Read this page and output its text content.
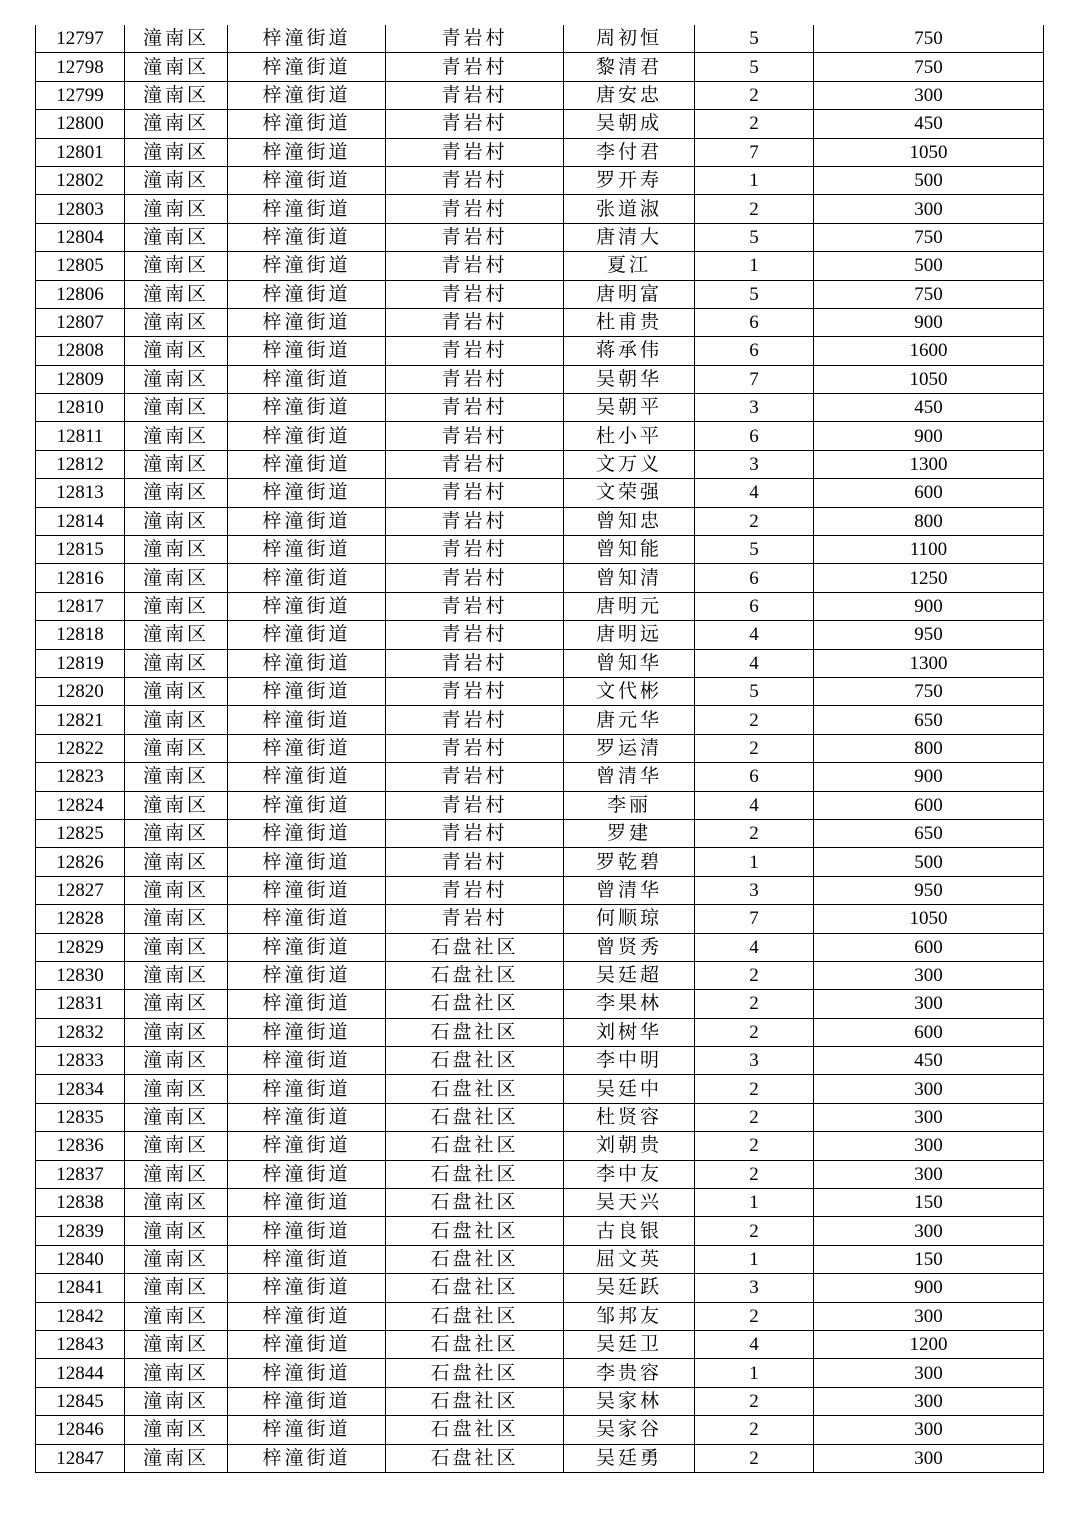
12797	潼南区	梓潼街道	青岩村	周初恒	5	750
12798	潼南区	梓潼街道	青岩村	黎清君	5	750
12799	潼南区	梓潼街道	青岩村	唐安忠	2	300
12800	潼南区	梓潼街道	青岩村	吴朝成	2	450
12801	潼南区	梓潼街道	青岩村	李付君	7	1050
12802	潼南区	梓潼街道	青岩村	罗开寿	1	500
12803	潼南区	梓潼街道	青岩村	张道淑	2	300
12804	潼南区	梓潼街道	青岩村	唐清大	5	750
12805	潼南区	梓潼街道	青岩村	夏江	1	500
12806	潼南区	梓潼街道	青岩村	唐明富	5	750
12807	潼南区	梓潼街道	青岩村	杜甫贵	6	900
12808	潼南区	梓潼街道	青岩村	蒋承伟	6	1600
12809	潼南区	梓潼街道	青岩村	吴朝华	7	1050
12810	潼南区	梓潼街道	青岩村	吴朝平	3	450
12811	潼南区	梓潼街道	青岩村	杜小平	6	900
12812	潼南区	梓潼街道	青岩村	文万义	3	1300
12813	潼南区	梓潼街道	青岩村	文荣强	4	600
12814	潼南区	梓潼街道	青岩村	曾知忠	2	800
12815	潼南区	梓潼街道	青岩村	曾知能	5	1100
12816	潼南区	梓潼街道	青岩村	曾知清	6	1250
12817	潼南区	梓潼街道	青岩村	唐明元	6	900
12818	潼南区	梓潼街道	青岩村	唐明远	4	950
12819	潼南区	梓潼街道	青岩村	曾知华	4	1300
12820	潼南区	梓潼街道	青岩村	文代彬	5	750
12821	潼南区	梓潼街道	青岩村	唐元华	2	650
12822	潼南区	梓潼街道	青岩村	罗运清	2	800
12823	潼南区	梓潼街道	青岩村	曾清华	6	900
12824	潼南区	梓潼街道	青岩村	李丽	4	600
12825	潼南区	梓潼街道	青岩村	罗建	2	650
12826	潼南区	梓潼街道	青岩村	罗乾碧	1	500
12827	潼南区	梓潼街道	青岩村	曾清华	3	950
12828	潼南区	梓潼街道	青岩村	何顺琼	7	1050
12829	潼南区	梓潼街道	石盘社区	曾贤秀	4	600
12830	潼南区	梓潼街道	石盘社区	吴廷超	2	300
12831	潼南区	梓潼街道	石盘社区	李果林	2	300
12832	潼南区	梓潼街道	石盘社区	刘树华	2	600
12833	潼南区	梓潼街道	石盘社区	李中明	3	450
12834	潼南区	梓潼街道	石盘社区	吴廷中	2	300
12835	潼南区	梓潼街道	石盘社区	杜贤容	2	300
12836	潼南区	梓潼街道	石盘社区	刘朝贵	2	300
12837	潼南区	梓潼街道	石盘社区	李中友	2	300
12838	潼南区	梓潼街道	石盘社区	吴天兴	1	150
12839	潼南区	梓潼街道	石盘社区	古良银	2	300
12840	潼南区	梓潼街道	石盘社区	屈文英	1	150
12841	潼南区	梓潼街道	石盘社区	吴廷跃	3	900
12842	潼南区	梓潼街道	石盘社区	邹邦友	2	300
12843	潼南区	梓潼街道	石盘社区	吴廷卫	4	1200
12844	潼南区	梓潼街道	石盘社区	李贵容	1	300
12845	潼南区	梓潼街道	石盘社区	吴家林	2	300
12846	潼南区	梓潼街道	石盘社区	吴家谷	2	300
12847	潼南区	梓潼街道	石盘社区	吴廷勇	2	300
